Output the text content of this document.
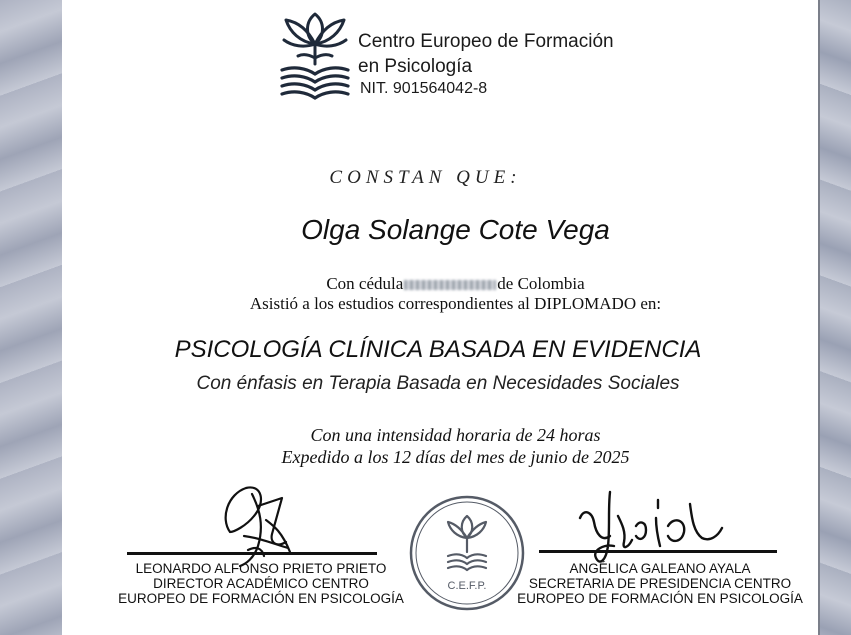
Centro Europeo de Formación
en Psicología
NIT. 901564042-8
CONSTAN QUE:
Olga Solange Cote Vega
Con cédula	de Colombia
Asistió a los estudios correspondientes al DIPLOMADO en:
PSICOLOGÍA CLÍNICA BASADA EN EVIDENCIA
Con énfasis en Terapia Basada en Necesidades Sociales
Con una intensidad horaria de 24 horas
Expedido a los 12 días del mes de junio de 2025
LEONARDO ALFONSO PRIETO PRIETO
DIRECTOR ACADÉMICO CENTRO
EUROPEO DE FORMACIÓN EN PSICOLOGÍA
C.E.F.P.
ANGÉLICA GALEANO AYALA
SECRETARIA DE PRESIDENCIA CENTRO
EUROPEO DE FORMACIÓN EN PSICOLOGÍA
